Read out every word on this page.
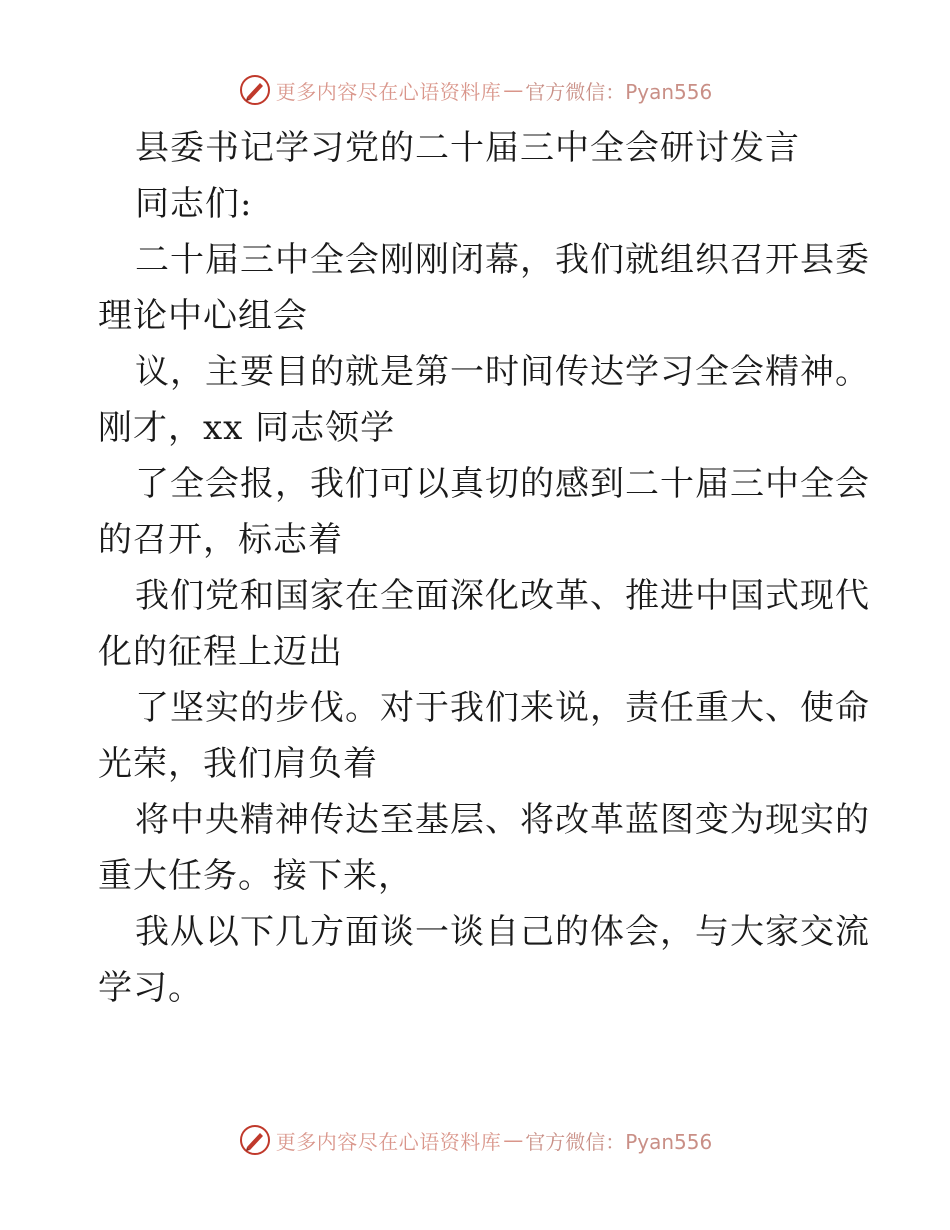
更多内容尽在心语资料库 — 官方微信：Pyan556
县委书记学习党的二十届三中全会研讨发言
同志们:
二十届三中全会刚刚闭幕，我们就组织召开县委
理论中心组会
议，主要目的就是第一时间传达学习全会精神。
刚才，xx 同志领学
了全会报，我们可以真切的感到二十届三中全会
的召开，标志着
我们党和国家在全面深化改革、推进中国式现代
化的征程上迈出
了坚实的步伐。对于我们来说，责任重大、使命
光荣，我们肩负着
将中央精神传达至基层、将改革蓝图变为现实的
重大任务。接下来，
我从以下几方面谈一谈自己的体会，与大家交流
学习。
更多内容尽在心语资料库 — 官方微信：Pyan556
